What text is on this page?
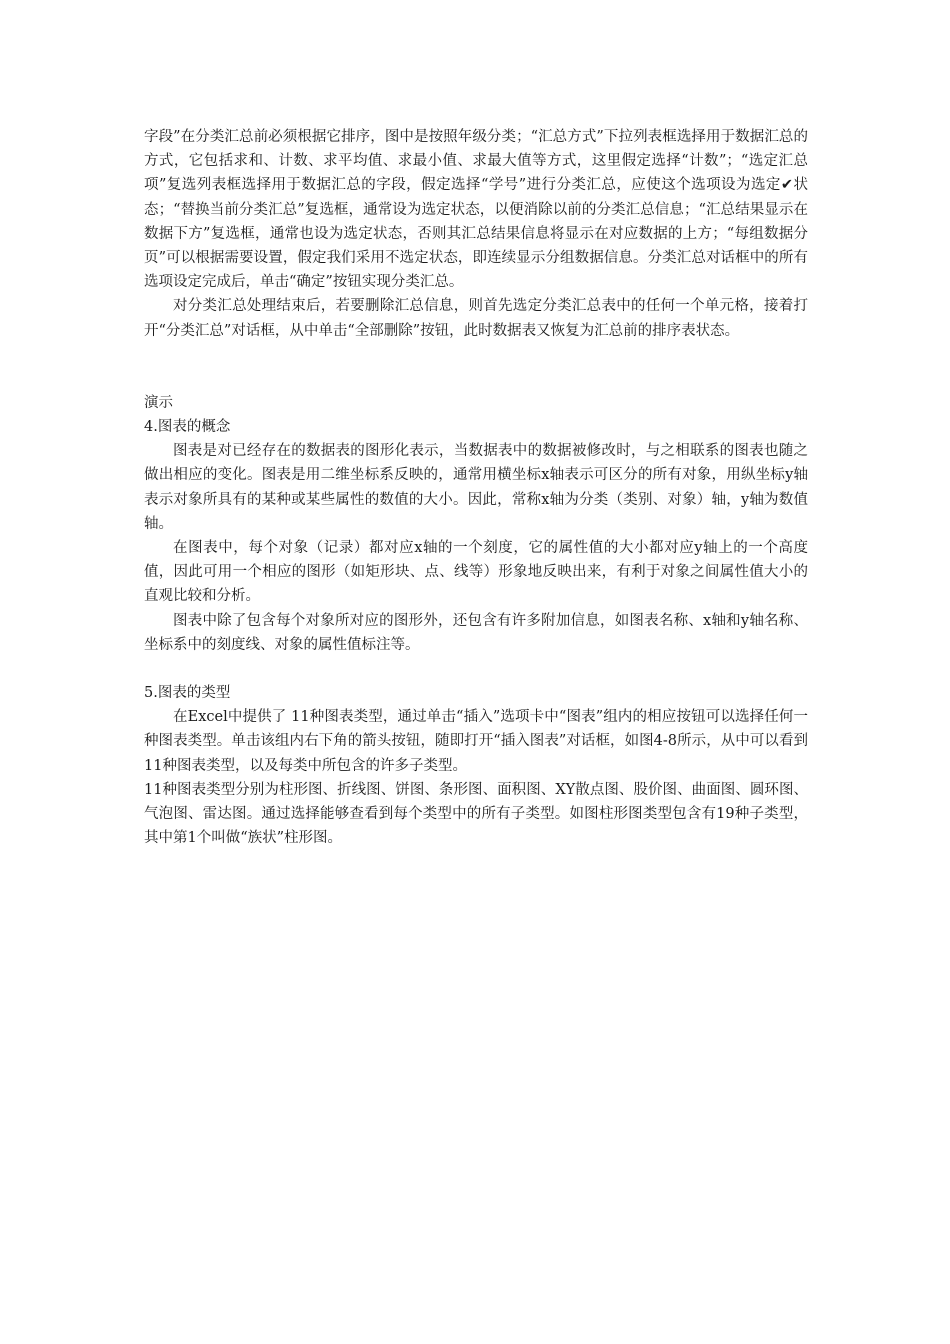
字段”在分类汇总前必须根据它排序，图中是按照年级分类；“汇总方式”下拉列表框选择用于数据汇总的方式，它包括求和、计数、求平均值、求最小值、求最大值等方式，这里假定选择“计数”；“选定汇总项”复选列表框选择用于数据汇总的字段，假定选择“学号”进行分类汇总，应使这个选项设为选定✔状态；“替换当前分类汇总”复选框，通常设为选定状态，以便消除以前的分类汇总信息；“汇总结果显示在数据下方”复选框，通常也设为选定状态，否则其汇总结果信息将显示在对应数据的上方；“每组数据分页”可以根据需要设置，假定我们采用不选定状态，即连续显示分组数据信息。分类汇总对话框中的所有选项设定完成后，单击“确定”按钮实现分类汇总。

对分类汇总处理结束后，若要删除汇总信息，则首先选定分类汇总表中的任何一个单元格，接着打开“分类汇总”对话框，从中单击“全部删除”按钮，此时数据表又恢复为汇总前的排序表状态。

演示

4.图表的概念

图表是对已经存在的数据表的图形化表示，当数据表中的数据被修改时，与之相联系的图表也随之做出相应的变化。图表是用二维坐标系反映的，通常用横坐标x轴表示可区分的所有对象，用纵坐标y轴表示对象所具有的某种或某些属性的数值的大小。因此，常称x轴为分类（类别、对象）轴，y轴为数值轴。

在图表中，每个对象（记录）都对应x轴的一个刻度，它的属性值的大小都对应y轴上的一个高度值，因此可用一个相应的图形（如矩形块、点、线等）形象地反映出来，有利于对象之间属性值大小的直观比较和分析。

图表中除了包含每个对象所对应的图形外，还包含有许多附加信息，如图表名称、x轴和y轴名称、坐标系中的刻度线、对象的属性值标注等。

5.图表的类型

在Excel中提供了 11种图表类型，通过单击“插入”选项卡中“图表”组内的相应按钮可以选择任何一种图表类型。单击该组内右下角的箭头按钮，随即打开“插入图表”对话框，如图4-8所示，从中可以看到11种图表类型，以及每类中所包含的许多子类型。

11种图表类型分别为柱形图、折线图、饼图、条形图、面积图、XY散点图、股价图、曲面图、圆环图、气泡图、雷达图。通过选择能够查看到每个类型中的所有子类型。如图柱形图类型包含有19种子类型，其中第1个叫做“族状”柱形图。
